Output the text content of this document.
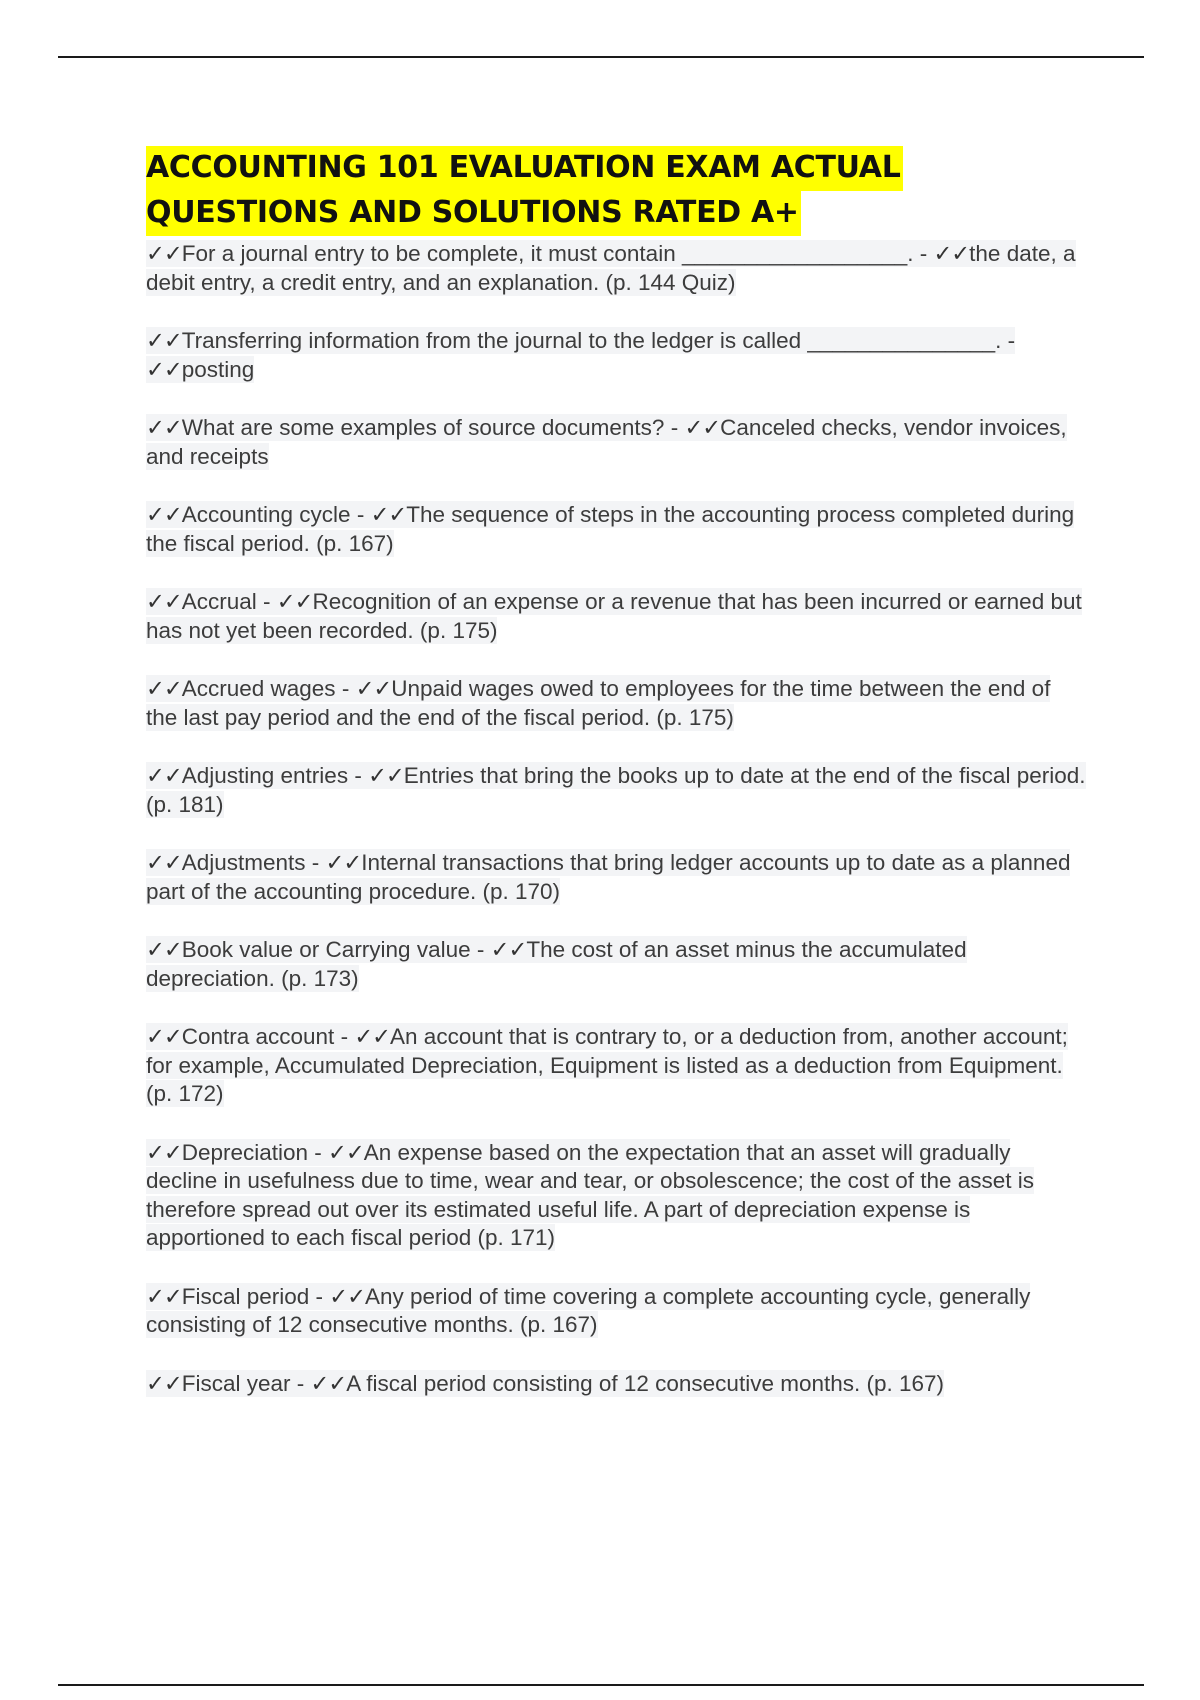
ACCOUNTING 101 EVALUATION EXAM ACTUAL
QUESTIONS AND SOLUTIONS RATED A+

✓✓For a journal entry to be complete, it must contain __________________. - ✓✓the date, a debit entry, a credit entry, and an explanation. (p. 144 Quiz)

✓✓Transferring information from the journal to the ledger is called _______________. - ✓✓posting

✓✓What are some examples of source documents? - ✓✓Canceled checks, vendor invoices, and receipts

✓✓Accounting cycle - ✓✓The sequence of steps in the accounting process completed during the fiscal period. (p. 167)

✓✓Accrual - ✓✓Recognition of an expense or a revenue that has been incurred or earned but has not yet been recorded. (p. 175)

✓✓Accrued wages - ✓✓Unpaid wages owed to employees for the time between the end of the last pay period and the end of the fiscal period. (p. 175)

✓✓Adjusting entries - ✓✓Entries that bring the books up to date at the end of the fiscal period. (p. 181)

✓✓Adjustments - ✓✓Internal transactions that bring ledger accounts up to date as a planned part of the accounting procedure. (p. 170)

✓✓Book value or Carrying value - ✓✓The cost of an asset minus the accumulated depreciation. (p. 173)

✓✓Contra account - ✓✓An account that is contrary to, or a deduction from, another account; for example, Accumulated Depreciation, Equipment is listed as a deduction from Equipment. (p. 172)

✓✓Depreciation - ✓✓An expense based on the expectation that an asset will gradually decline in usefulness due to time, wear and tear, or obsolescence; the cost of the asset is therefore spread out over its estimated useful life. A part of depreciation expense is apportioned to each fiscal period (p. 171)

✓✓Fiscal period - ✓✓Any period of time covering a complete accounting cycle, generally consisting of 12 consecutive months. (p. 167)

✓✓Fiscal year - ✓✓A fiscal period consisting of 12 consecutive months. (p. 167)
